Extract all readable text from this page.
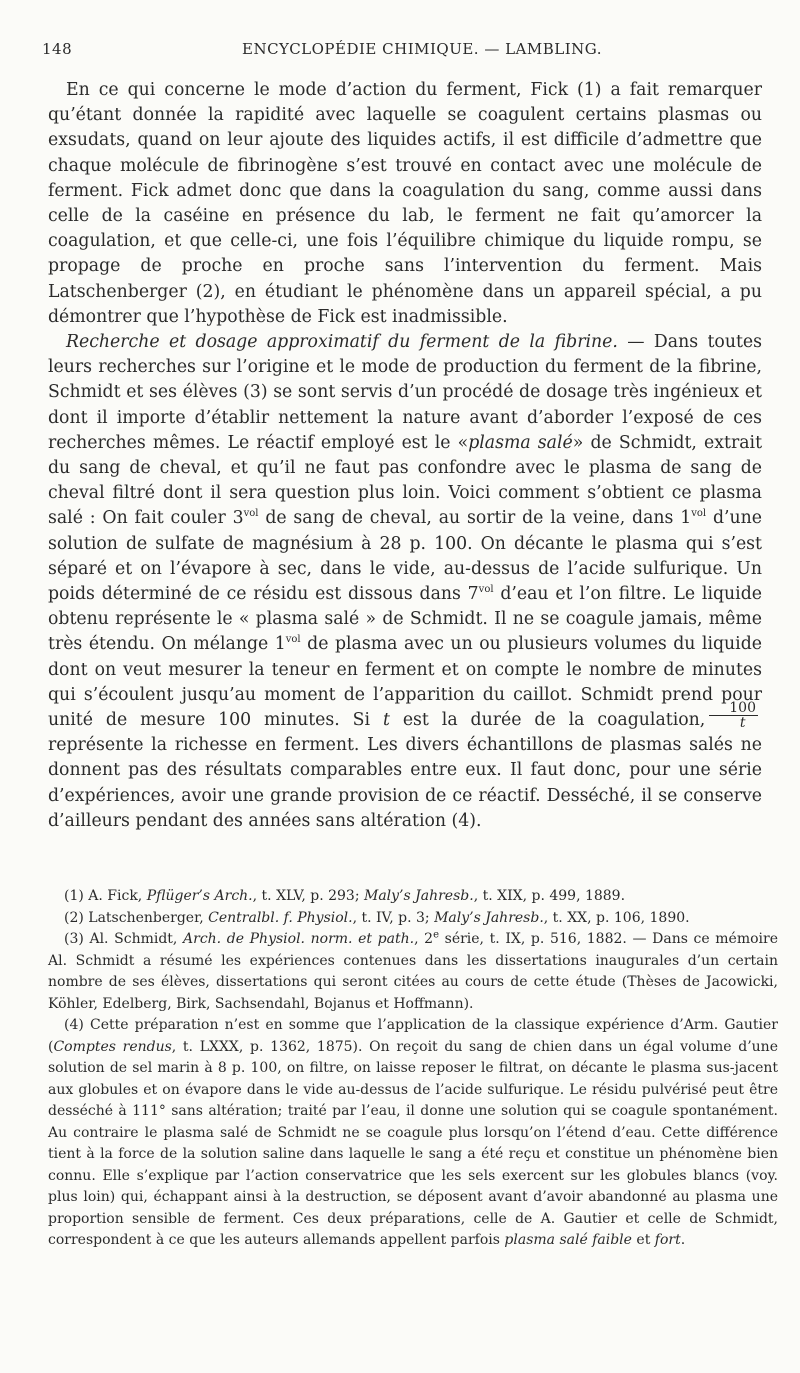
148	ENCYCLOPÉDIE CHIMIQUE. — LAMBLING.

En ce qui concerne le mode d’action du ferment, Fick (1) a fait remarquer qu’étant donnée la rapidité avec laquelle se coagulent certains plasmas ou exsudats, quand on leur ajoute des liquides actifs, il est difficile d’admettre que chaque molécule de fibrinogène s’est trouvé en contact avec une molécule de ferment. Fick admet donc que dans la coagulation du sang, comme aussi dans celle de la caséine en présence du lab, le ferment ne fait qu’amorcer la coagulation, et que celle-ci, une fois l’équilibre chimique du liquide rompu, se propage de proche en proche sans l’intervention du ferment. Mais Latschenberger (2), en étudiant le phénomène dans un appareil spécial, a pu démontrer que l’hypothèse de Fick est inadmissible.

Recherche et dosage approximatif du ferment de la fibrine. — Dans toutes leurs recherches sur l’origine et le mode de production du ferment de la fibrine, Schmidt et ses élèves (3) se sont servis d’un procédé de dosage très ingénieux et dont il importe d’établir nettement la nature avant d’aborder l’exposé de ces recherches mêmes. Le réactif employé est le «plasma salé» de Schmidt, extrait du sang de cheval, et qu’il ne faut pas confondre avec le plasma de sang de cheval filtré dont il sera question plus loin. Voici comment s’obtient ce plasma salé : On fait couler $3^{vol}$ de sang de cheval, au sortir de la veine, dans $1^{vol}$ d’une solution de sulfate de magnésium à 28 p. 100. On décante le plasma qui s’est séparé et on l’évapore à sec, dans le vide, au-dessus de l’acide sulfurique. Un poids déterminé de ce résidu est dissous dans $7^{vol}$ d’eau et l’on filtre. Le liquide obtenu représente le « plasma salé » de Schmidt. Il ne se coagule jamais, même très étendu. On mélange $1^{vol}$ de plasma avec un ou plusieurs volumes du liquide dont on veut mesurer la teneur en ferment et on compte le nombre de minutes qui s’écoulent jusqu’au moment de l’apparition du caillot. Schmidt prend pour unité de mesure 100 minutes. Si t est la durée de la coagulation, $\frac{100}{t}$
représente la richesse en ferment. Les divers échantillons de plasmas salés ne donnent pas des résultats comparables entre eux. Il faut donc, pour une série d’expériences, avoir une grande provision de ce réactif. Desséché, il se conserve d’ailleurs pendant des années sans altération (4).

(1) A. Fick, Pflüger’s Arch., t. XLV, p. 293; Maly’s Jahresb., t. XIX, p. 499, 1889.

(2) Latschenberger, Centralbl. f. Physiol., t. IV, p. 3; Maly’s Jahresb., t. XX, p. 106, 1890.

(3) Al. Schmidt, Arch. de Physiol. norm. et path., 2e série, t. IX, p. 516, 1882. — Dans ce mémoire Al. Schmidt a résumé les expériences contenues dans les dissertations inaugurales d’un certain nombre de ses élèves, dissertations qui seront citées au cours de cette étude (Thèses de Jacowicki, Köhler, Edelberg, Birk, Sachsendahl, Bojanus et Hoffmann).

(4) Cette préparation n’est en somme que l’application de la classique expérience d’Arm. Gautier (Comptes rendus, t. LXXX, p. 1362, 1875). On reçoit du sang de chien dans un égal volume d’une solution de sel marin à 8 p. 100, on filtre, on laisse reposer le filtrat, on décante le plasma sus-jacent aux globules et on évapore dans le vide au-dessus de l’acide sulfurique. Le résidu pulvérisé peut être desséché à 111° sans altération; traité par l’eau, il donne une solution qui se coagule spontanément. Au contraire le plasma salé de Schmidt ne se coagule plus lorsqu’on l’étend d’eau. Cette différence tient à la force de la solution saline dans laquelle le sang a été reçu et constitue un phénomène bien connu. Elle s’explique par l’action conservatrice que les sels exercent sur les globules blancs (voy. plus loin) qui, échappant ainsi à la destruction, se déposent avant d’avoir abandonné au plasma une proportion sensible de ferment. Ces deux préparations, celle de A. Gautier et celle de Schmidt, correspondent à ce que les auteurs allemands appellent parfois plasma salé faible et fort.
